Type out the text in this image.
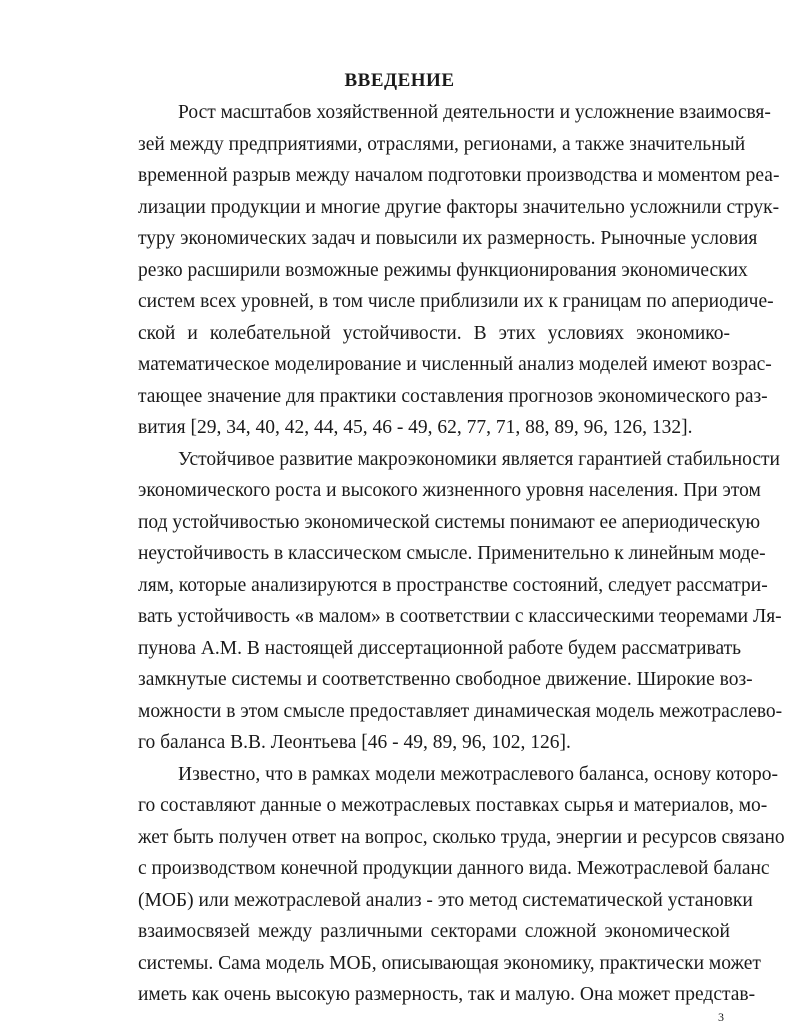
ВВЕДЕНИЕ
Рост масштабов хозяйственной деятельности и усложнение взаимосвя-
зей между предприятиями, отраслями, регионами, а также значительный
временной разрыв между началом подготовки производства и моментом реа-
лизации продукции и многие другие факторы значительно усложнили струк-
туру экономических задач и повысили их размерность. Рыночные условия
резко расширили возможные режимы функционирования экономических
систем всех уровней, в том числе приблизили их к границам по апериодиче-
ской и колебательной устойчивости. В этих условиях экономико-
математическое моделирование и численный анализ моделей имеют возрас-
тающее значение для практики составления прогнозов экономического раз-
вития [29, 34, 40, 42, 44, 45, 46 - 49, 62, 77, 71, 88, 89, 96, 126, 132].
Устойчивое развитие макроэкономики является гарантией стабильности
экономического роста и высокого жизненного уровня населения. При этом
под устойчивостью экономической системы понимают ее апериодическую
неустойчивость в классическом смысле. Применительно к линейным моде-
лям, которые анализируются в пространстве состояний, следует рассматри-
вать устойчивость «в малом» в соответствии с классическими теоремами Ля-
пунова А.М. В настоящей диссертационной работе будем рассматривать
замкнутые системы и соответственно свободное движение. Широкие воз-
можности в этом смысле предоставляет динамическая модель межотраслево-
го баланса В.В. Леонтьева [46 - 49, 89, 96, 102, 126].
Известно, что в рамках модели межотраслевого баланса, основу которо-
го составляют данные о межотраслевых поставках сырья и материалов, мо-
жет быть получен ответ на вопрос, сколько труда, энергии и ресурсов связано
с производством конечной продукции данного вида. Межотраслевой баланс
(МОБ) или межотраслевой анализ - это метод систематической установки
взаимосвязей между различными секторами сложной экономической
системы. Сама модель МОБ, описывающая экономику, практически может
иметь как очень высокую размерность, так и малую. Она может представ-
3
